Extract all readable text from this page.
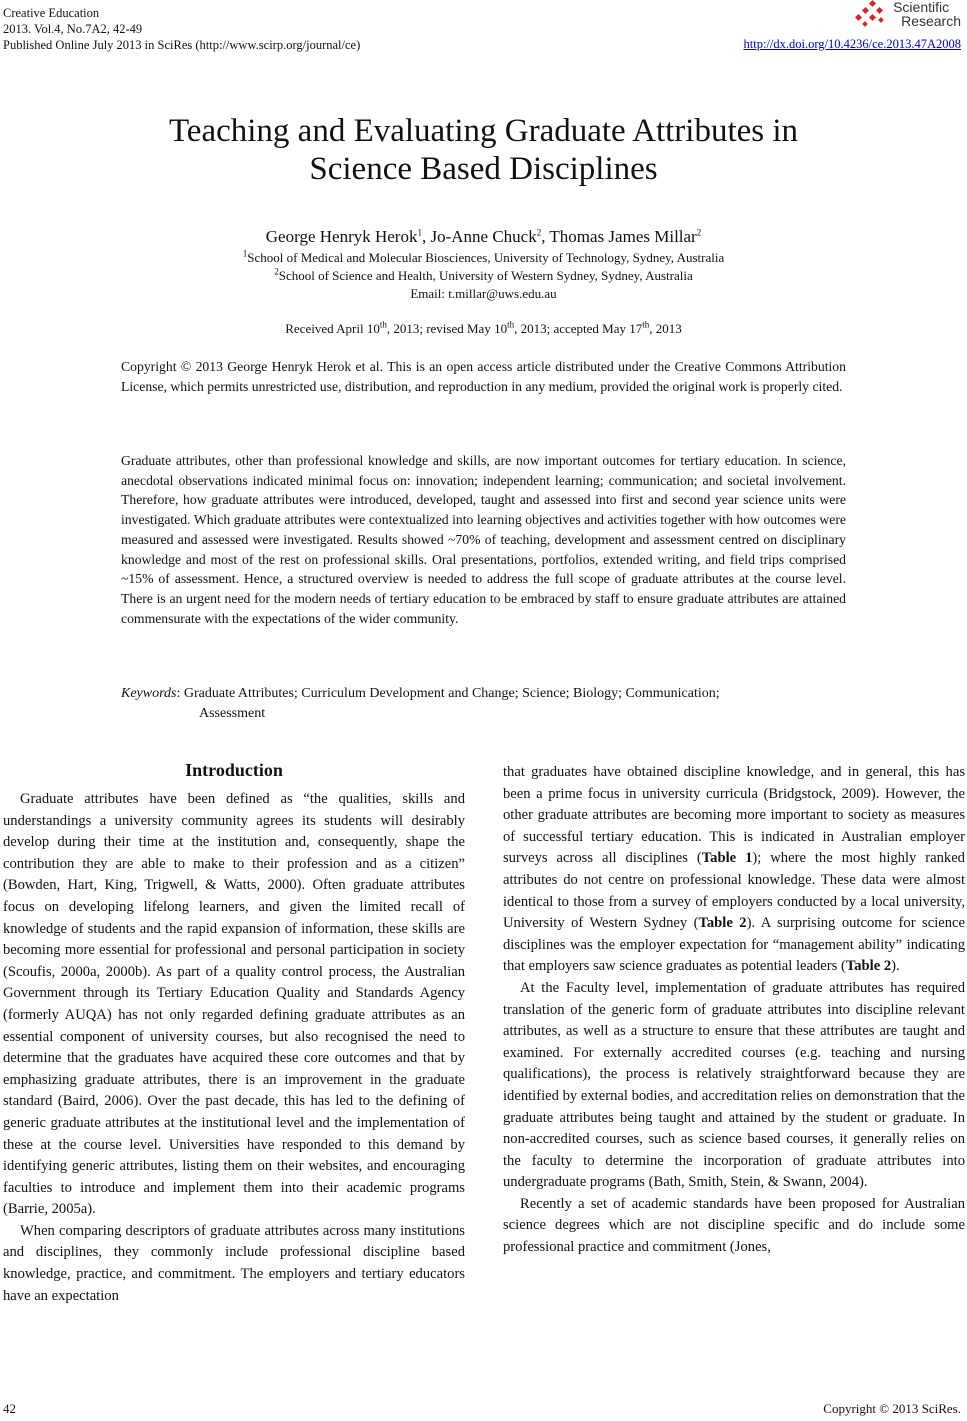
Creative Education
2013. Vol.4, No.7A2, 42-49
Published Online July 2013 in SciRes (http://www.scirp.org/journal/ce)
Scientific
Research
http://dx.doi.org/10.4236/ce.2013.47A2008
Teaching and Evaluating Graduate Attributes in
Science Based Disciplines
George Henryk Herok$^1$, Jo-Anne Chuck$^2$, Thomas James Millar$^2$
$^1$School of Medical and Molecular Biosciences, University of Technology, Sydney, Australia
$^2$School of Science and Health, University of Western Sydney, Sydney, Australia
Email: t.millar@uws.edu.au
Received April 10th, 2013; revised May 10th, 2013; accepted May 17th, 2013
Copyright © 2013 George Henryk Herok et al. This is an open access article distributed under the Creative Commons Attribution License, which permits unrestricted use, distribution, and reproduction in any medium, provided the original work is properly cited.
Graduate attributes, other than professional knowledge and skills, are now important outcomes for tertiary education. In science, anecdotal observations indicated minimal focus on: innovation; independent learning; communication; and societal involvement. Therefore, how graduate attributes were introduced, developed, taught and assessed into first and second year science units were investigated. Which graduate attributes were contextualized into learning objectives and activities together with how outcomes were measured and assessed were investigated. Results showed ~70% of teaching, development and assessment centred on disciplinary knowledge and most of the rest on professional skills. Oral presentations, portfolios, extended writing, and field trips comprised ~15% of assessment. Hence, a structured overview is needed to address the full scope of graduate attributes at the course level. There is an urgent need for the modern needs of tertiary education to be embraced by staff to ensure graduate attributes are attained commensurate with the expectations of the wider community.
Keywords: Graduate Attributes; Curriculum Development and Change; Science; Biology; Communication;
Assessment
Introduction

Graduate attributes have been defined as “the qualities, skills and understandings a university community agrees its students will desirably develop during their time at the institution and, consequently, shape the contribution they are able to make to their profession and as a citizen” (Bowden, Hart, King, Trigwell, & Watts, 2000). Often graduate attributes focus on developing lifelong learners, and given the limited recall of knowledge of students and the rapid expansion of information, these skills are becoming more essential for professional and personal participation in society (Scoufis, 2000a, 2000b). As part of a quality control process, the Australian Government through its Tertiary Education Quality and Standards Agency (formerly AUQA) has not only regarded defining graduate attributes as an essential component of university courses, but also recognised the need to determine that the graduates have acquired these core outcomes and that by emphasizing graduate attributes, there is an improvement in the graduate standard (Baird, 2006). Over the past decade, this has led to the defining of generic graduate attributes at the institutional level and the implementation of these at the course level. Universities have responded to this demand by identifying generic attributes, listing them on their websites, and encouraging faculties to introduce and implement them into their academic programs (Barrie, 2005a).

When comparing descriptors of graduate attributes across many institutions and disciplines, they commonly include professional discipline based knowledge, practice, and commitment. The employers and tertiary educators have an expectation

that graduates have obtained discipline knowledge, and in general, this has been a prime focus in university curricula (Bridgstock, 2009). However, the other graduate attributes are becoming more important to society as measures of successful tertiary education. This is indicated in Australian employer surveys across all disciplines (Table 1); where the most highly ranked attributes do not centre on professional knowledge. These data were almost identical to those from a survey of employers conducted by a local university, University of Western Sydney (Table 2). A surprising outcome for science disciplines was the employer expectation for “management ability” indicating that employers saw science graduates as potential leaders (Table 2).

At the Faculty level, implementation of graduate attributes has required translation of the generic form of graduate attributes into discipline relevant attributes, as well as a structure to ensure that these attributes are taught and examined. For externally accredited courses (e.g. teaching and nursing qualifications), the process is relatively straightforward because they are identified by external bodies, and accreditation relies on demonstration that the graduate attributes being taught and attained by the student or graduate. In non-accredited courses, such as science based courses, it generally relies on the faculty to determine the incorporation of graduate attributes into undergraduate programs (Bath, Smith, Stein, & Swann, 2004).

Recently a set of academic standards have been proposed for Australian science degrees which are not discipline specific and do include some professional practice and commitment (Jones,

42	Copyright © 2013 SciRes.
